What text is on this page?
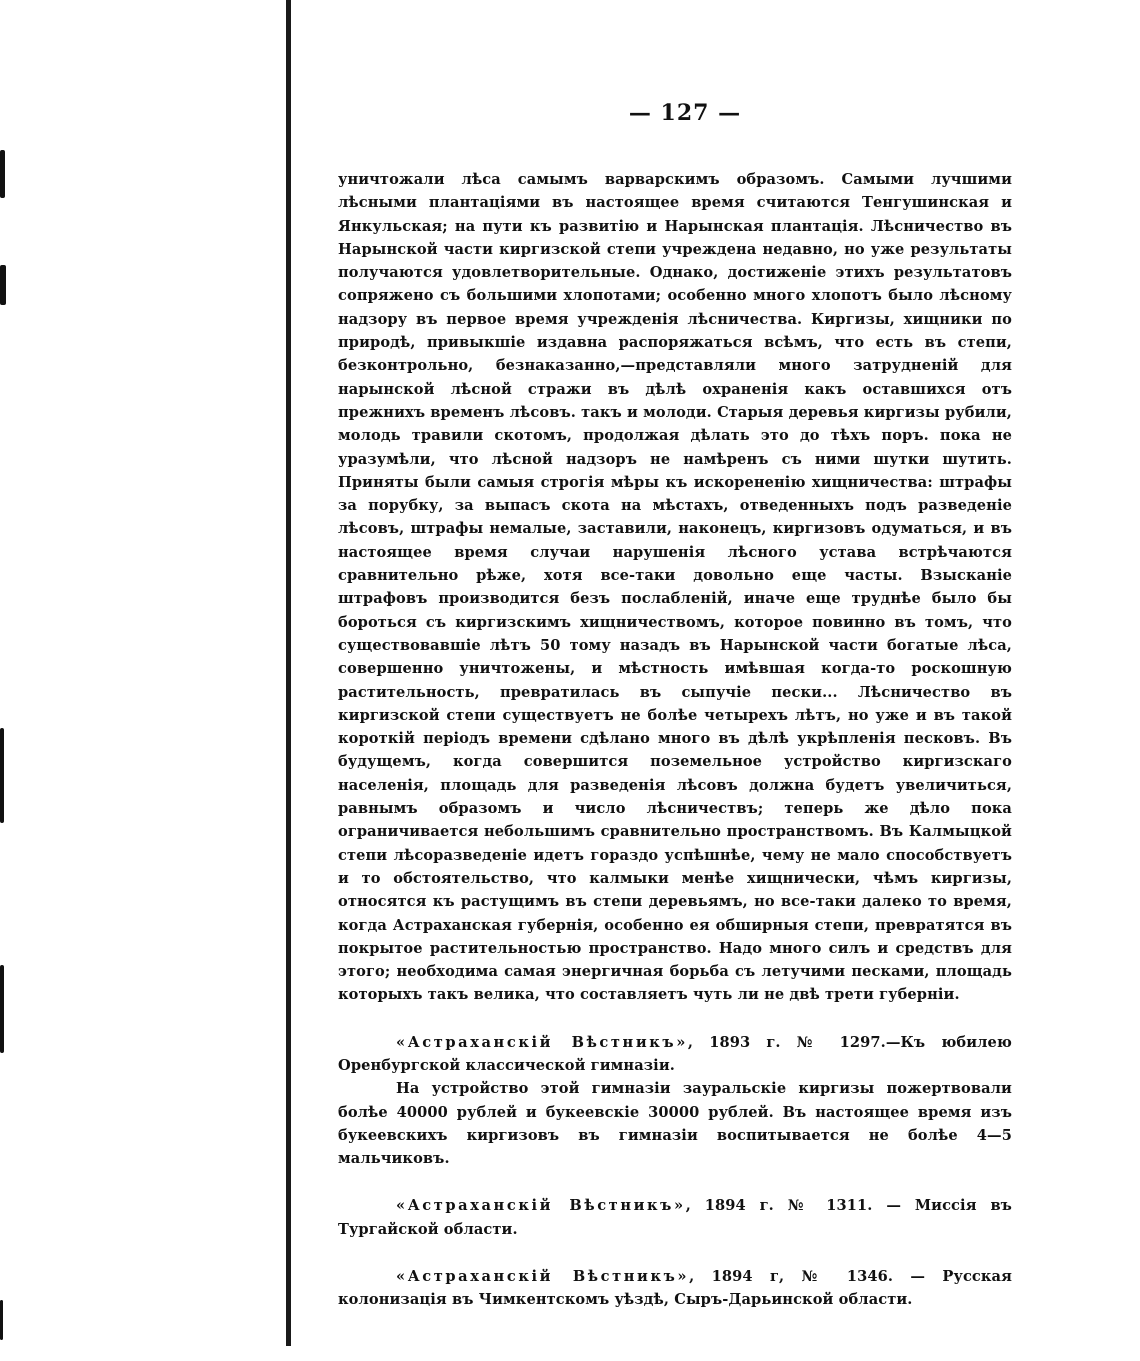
— 127 —

уничтожали лѣса самымъ варварскимъ образомъ. Самыми лучшими лѣсными плантаціями въ настоящее время считаются Тенгушинская и Янкульская; на пути къ развитію и Нарынская плантація. Лѣсничество въ Нарынской части киргизской степи учреждена недавно, но уже результаты получаются удовлетворительные. Однако, достиженіе этихъ результатовъ сопряжено съ большими хлопотами; особенно много хлопотъ было лѣсному надзору въ первое время учрежденія лѣсничества. Киргизы, хищники по природѣ, привыкшіе издавна распоряжаться всѣмъ, что есть въ степи, безконтрольно, безнаказанно,—представляли много затрудненій для нарынской лѣсной стражи въ дѣлѣ охраненія какъ оставшихся отъ прежнихъ временъ лѣсовъ. такъ и молоди. Старыя деревья киргизы рубили, молодь травили скотомъ, продолжая дѣлать это до тѣхъ поръ. пока не уразумѣли, что лѣсной надзоръ не намѣренъ съ ними шутки шутить. Приняты были самыя строгія мѣры къ искорененію хищничества: штрафы за порубку, за выпасъ скота на мѣстахъ, отведенныхъ подъ разведеніе лѣсовъ, штрафы немалые, заставили, наконецъ, киргизовъ одуматься, и въ настоящее время случаи нарушенія лѣсного устава встрѣчаются сравнительно рѣже, хотя все-таки довольно еще часты. Взысканіе штрафовъ производится безъ послабленій, иначе еще труднѣе было бы бороться съ киргизскимъ хищничествомъ, которое повинно въ томъ, что существовавшіе лѣтъ 50 тому назадъ въ Нарынской части богатые лѣса, совершенно уничтожены, и мѣстность имѣвшая когда-то роскошную растительность, превратилась въ сыпучіе пески... Лѣсничество въ киргизской степи существуетъ не болѣе четырехъ лѣтъ, но уже и въ такой короткій періодъ времени сдѣлано много въ дѣлѣ укрѣпленія песковъ. Въ будущемъ, когда совершится поземельное устройство киргизскаго населенія, площадь для разведенія лѣсовъ должна будетъ увеличиться, равнымъ образомъ и число лѣсничествъ; теперь же дѣло пока ограничивается небольшимъ сравнительно пространствомъ. Въ Калмыцкой степи лѣсоразведеніе идетъ гораздо успѣшнѣе, чему не мало способствуетъ и то обстоятельство, что калмыки менѣе хищнически, чѣмъ киргизы, относятся къ растущимъ въ степи деревьямъ, но все-таки далеко то время, когда Астраханская губернія, особенно ея обширныя степи, превратятся въ покрытое растительностью пространство. Надо много силъ и средствъ для этого; необходима самая энергичная борьба съ летучими песками, площадь которыхъ такъ велика, что составляетъ чуть ли не двѣ трети губерніи.

«Астраханскій Вѣстникъ», 1893 г. № 1297.—Къ юбилею Оренбургской классической гимназіи.

На устройство этой гимназіи зауральскіе киргизы пожертвовали болѣе 40000 рублей и букеевскіе 30000 рублей. Въ настоящее время изъ букеевскихъ киргизовъ въ гимназіи воспитывается не болѣе 4—5 мальчиковъ.

«Астраханскій Вѣстникъ», 1894 г. № 1311. — Миссія въ Тургайской области.

«Астраханскій Вѣстникъ», 1894 г, № 1346. — Русская колонизація въ Чимкентскомъ уѣздѣ, Сыръ-Дарьинской области.
